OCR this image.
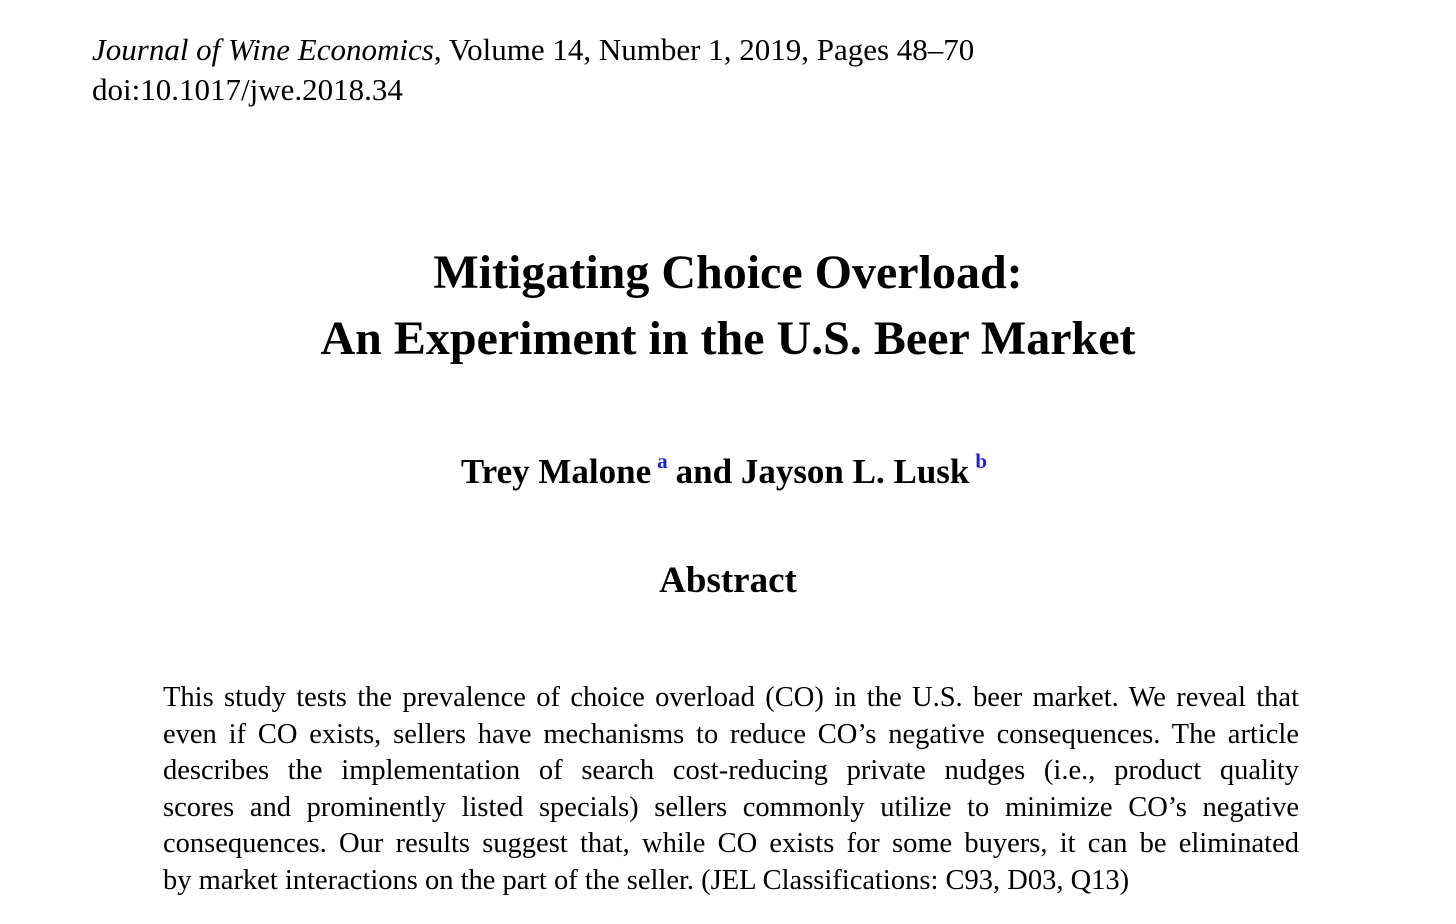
Journal of Wine Economics, Volume 14, Number 1, 2019, Pages 48–70
doi:10.1017/jwe.2018.34
Mitigating Choice Overload:
An Experiment in the U.S. Beer Market
Trey Malone $^a$ and Jayson L. Lusk $^b$
Abstract
This study tests the prevalence of choice overload (CO) in the U.S. beer market. We reveal that
even if CO exists, sellers have mechanisms to reduce CO’s negative consequences. The article
describes the implementation of search cost-reducing private nudges (i.e., product quality
scores and prominently listed specials) sellers commonly utilize to minimize CO’s negative
consequences. Our results suggest that, while CO exists for some buyers, it can be eliminated
by market interactions on the part of the seller. (JEL Classifications: C93, D03, Q13)
